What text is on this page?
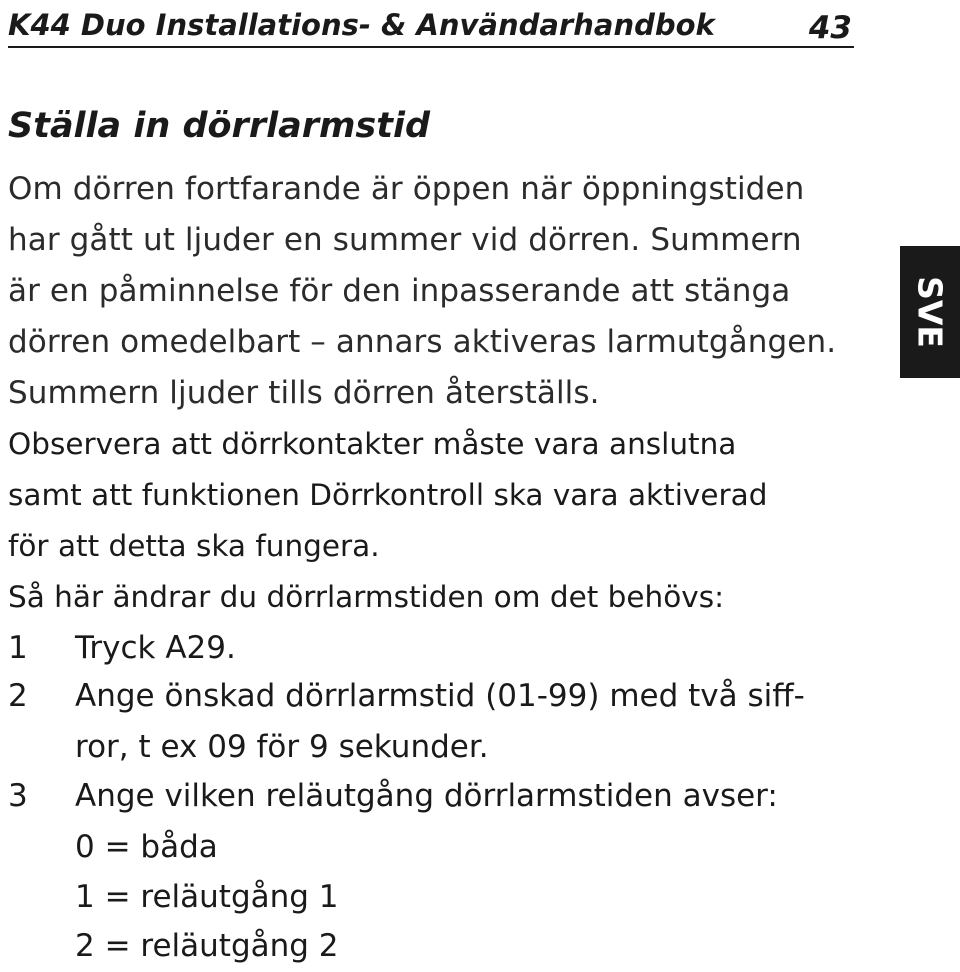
K44 Duo Installations- & Användarhandbok	43
SVE
Ställa in dörrlarmstid
Om dörren fortfarande är öppen när öppningstiden
har gått ut ljuder en summer vid dörren. Summern
är en påminnelse för den inpasserande att stänga
dörren omedelbart – annars aktiveras larmutgången.
Summern ljuder tills dörren återställs.
Observera att dörrkontakter måste vara anslutna
samt att funktionen Dörrkontroll ska vara aktiverad
för att detta ska fungera.
Så här ändrar du dörrlarmstiden om det behövs:
1 Tryck A29.
2 Ange önskad dörrlarmstid (01-99) med två siff-
ror, t ex 09 för 9 sekunder.
3 Ange vilken reläutgång dörrlarmstiden avser:
0 = båda
1 = reläutgång 1
2 = reläutgång 2
